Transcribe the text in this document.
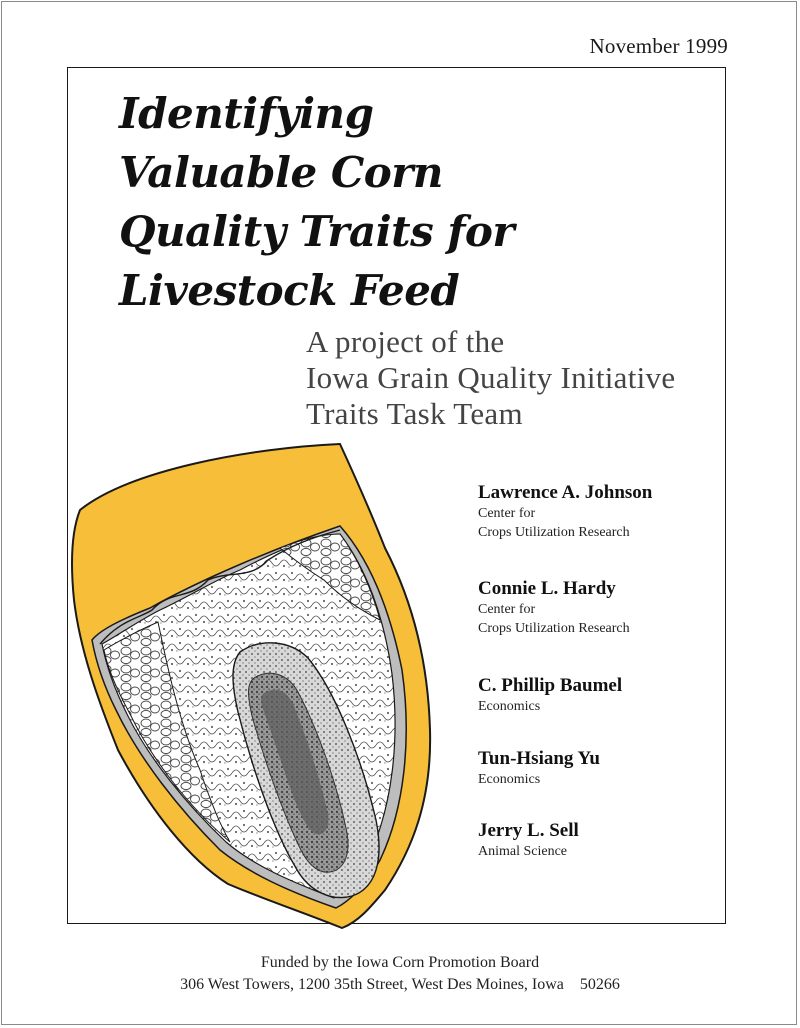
November 1999
Identifying
Valuable Corn
Quality Traits for
Livestock Feed
A project of the
Iowa Grain Quality Initiative
Traits Task Team
Lawrence A. Johnson
Center for
Crops Utilization Research
Connie L. Hardy
Center for
Crops Utilization Research
C. Phillip Baumel
Economics
Tun-Hsiang Yu
Economics
Jerry L. Sell
Animal Science
Funded by the Iowa Corn Promotion Board
306 West Towers, 1200 35th Street, West Des Moines, Iowa    50266
